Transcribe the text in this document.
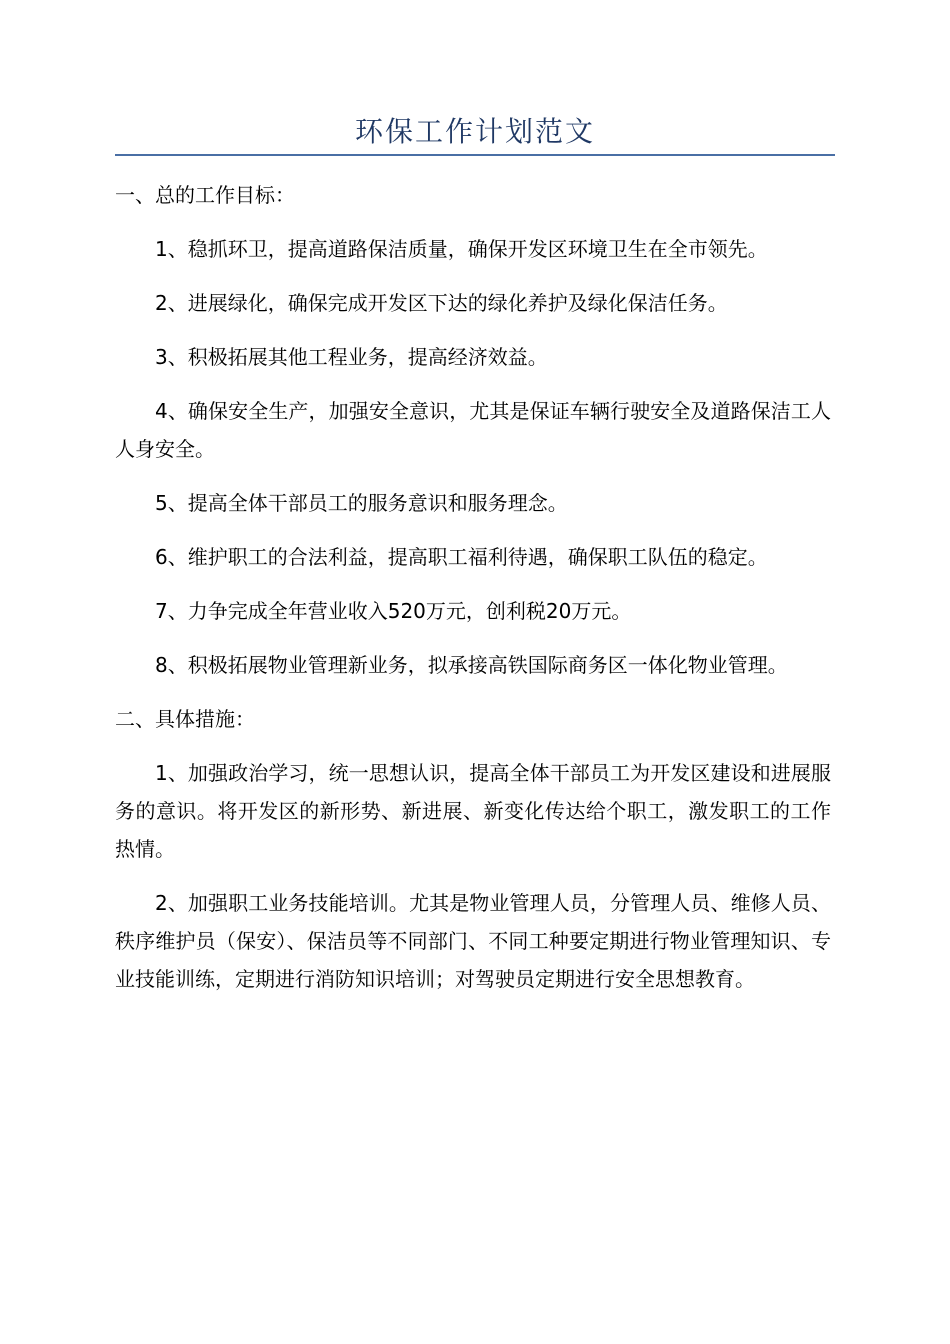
环保工作计划范文

一、总的工作目标：

1、稳抓环卫，提高道路保洁质量，确保开发区环境卫生在全市领先。

2、进展绿化，确保完成开发区下达的绿化养护及绿化保洁任务。

3、积极拓展其他工程业务，提高经济效益。

4、确保安全生产，加强安全意识，尤其是保证车辆行驶安全及道路保洁工人人身安全。

5、提高全体干部员工的服务意识和服务理念。

6、维护职工的合法利益，提高职工福利待遇，确保职工队伍的稳定。

7、力争完成全年营业收入520万元，创利税20万元。

8、积极拓展物业管理新业务，拟承接高铁国际商务区一体化物业管理。

二、具体措施：

1、加强政治学习，统一思想认识，提高全体干部员工为开发区建设和进展服务的意识。将开发区的新形势、新进展、新变化传达给个职工，激发职工的工作热情。

2、加强职工业务技能培训。尤其是物业管理人员，分管理人员、维修人员、秩序维护员（保安）、保洁员等不同部门、不同工种要定期进行物业管理知识、专业技能训练，定期进行消防知识培训；对驾驶员定期进行安全思想教育。
